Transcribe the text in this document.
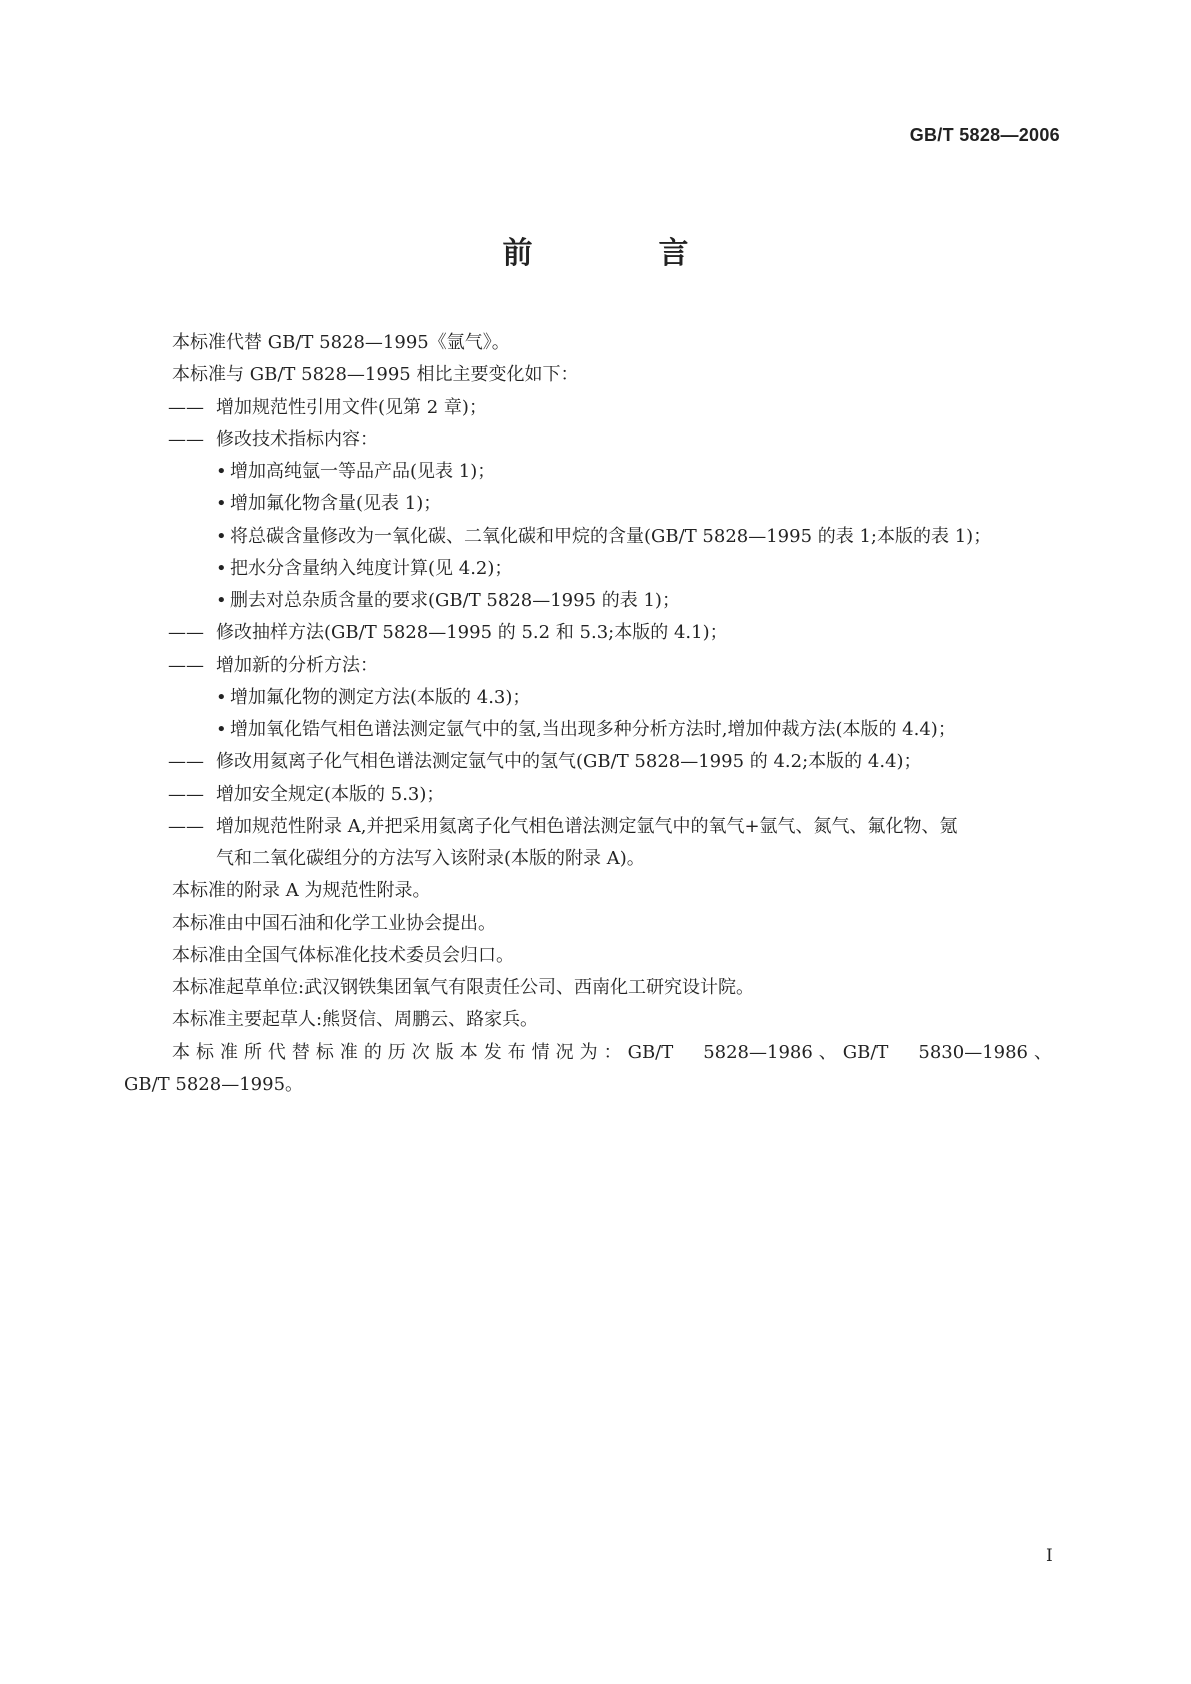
GB/T 5828—2006
前　言
本标准代替 GB/T 5828—1995《氩气》。
本标准与 GB/T 5828—1995 相比主要变化如下：
—— 增加规范性引用文件(见第 2 章)；
—— 修改技术指标内容：
• 增加高纯氩一等品产品(见表 1)；
• 增加氟化物含量(见表 1)；
• 将总碳含量修改为一氧化碳、二氧化碳和甲烷的含量(GB/T 5828—1995 的表 1;本版的表 1)；
• 把水分含量纳入纯度计算(见 4.2)；
• 删去对总杂质含量的要求(GB/T 5828—1995 的表 1)；
—— 修改抽样方法(GB/T 5828—1995 的 5.2 和 5.3;本版的 4.1)；
—— 增加新的分析方法：
• 增加氟化物的测定方法(本版的 4.3)；
• 增加氧化锆气相色谱法测定氩气中的氢,当出现多种分析方法时,增加仲裁方法(本版的 4.4)；
—— 修改用氦离子化气相色谱法测定氩气中的氢气(GB/T 5828—1995 的 4.2;本版的 4.4)；
—— 增加安全规定(本版的 5.3)；
—— 增加规范性附录 A,并把采用氦离子化气相色谱法测定氩气中的氧气+氩气、氮气、氟化物、氪
气和二氧化碳组分的方法写入该附录(本版的附录 A)。
本标准的附录 A 为规范性附录。
本标准由中国石油和化学工业协会提出。
本标准由全国气体标准化技术委员会归口。
本标准起草单位:武汉钢铁集团氧气有限责任公司、西南化工研究设计院。
本标准主要起草人:熊贤信、周鹏云、路家兵。
本标准所代替标准的历次版本发布情况为：GB/T　5828—1986、GB/T　5830—1986、
GB/T 5828—1995。
I
